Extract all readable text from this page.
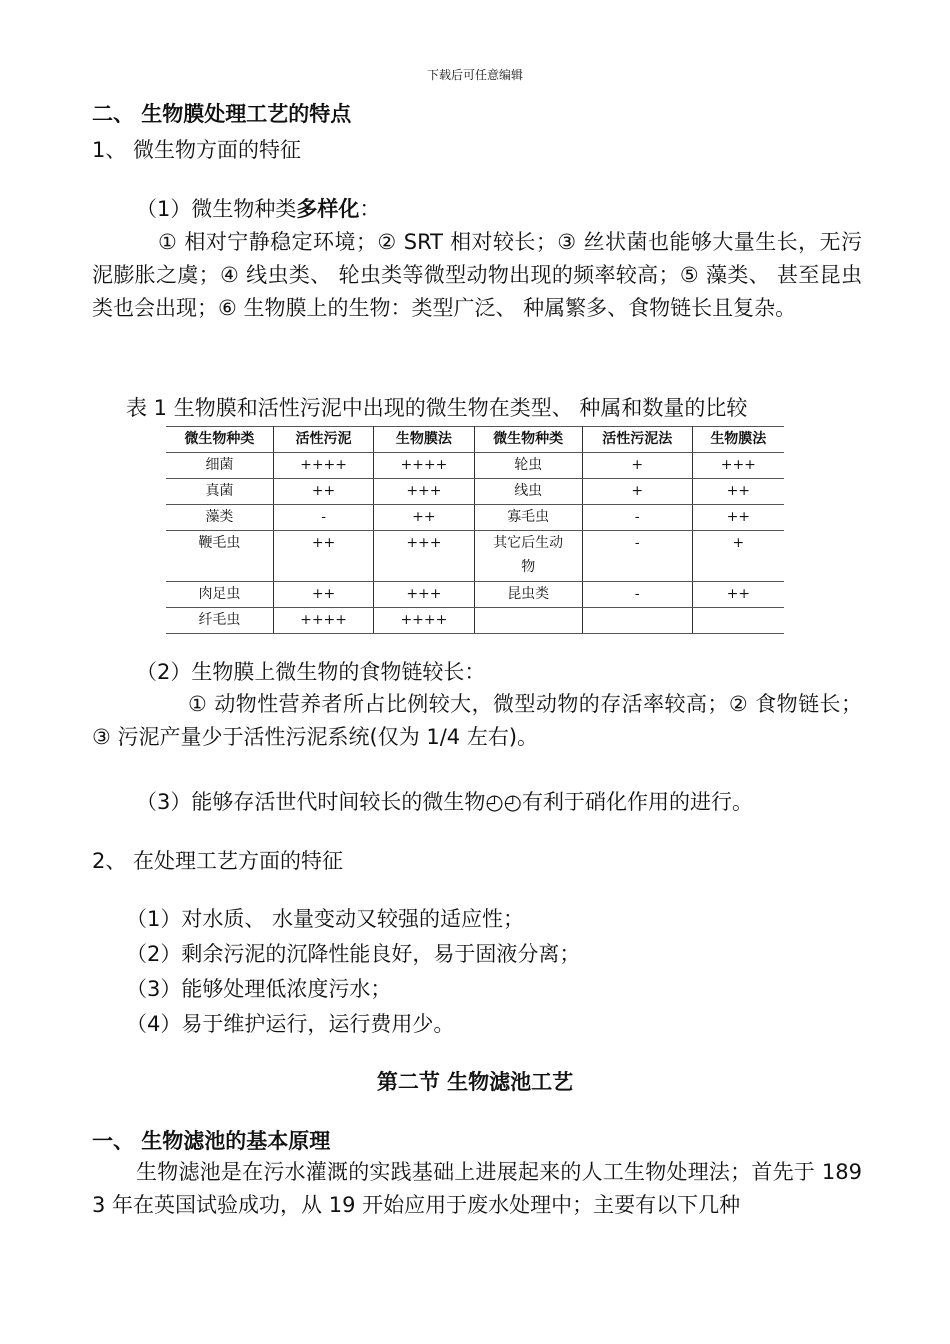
下载后可任意编辑
二、 生物膜处理工艺的特点
1、 微生物方面的特征
（1）微生物种类多样化：
① 相对宁静稳定环境；② SRT 相对较长；③ 丝状菌也能够大量生长，无污泥膨胀之虞；④ 线虫类、 轮虫类等微型动物出现的频率较高；⑤ 藻类、 甚至昆虫类也会出现；⑥ 生物膜上的生物：类型广泛、 种属繁多、食物链长且复杂。
表 1 生物膜和活性污泥中出现的微生物在类型、 种属和数量的比较
微生物种类	活性污泥	生物膜法	微生物种类	活性污泥法	生物膜法
细菌	++++	++++	轮虫	+	+++
真菌	++	+++	线虫	+	++
藻类	-	++	寡毛虫	-	++
鞭毛虫	++	+++	其它后生动物	-	+
肉足虫	++	+++	昆虫类	-	++
纤毛虫	++++	++++			
（2）生物膜上微生物的食物链较长：
① 动物性营养者所占比例较大，微型动物的存活率较高；② 食物链长；③ 污泥产量少于活性污泥系统(仅为 1/4 左右)。
（3）能够存活世代时间较长的微生物◴◴有利于硝化作用的进行。
2、 在处理工艺方面的特征
（1）对水质、 水量变动又较强的适应性；
（2）剩余污泥的沉降性能良好，易于固液分离；
（3）能够处理低浓度污水；
（4）易于维护运行，运行费用少。
第二节 生物滤池工艺
一、 生物滤池的基本原理
生物滤池是在污水灌溉的实践基础上进展起来的人工生物处理法；首先于 1893 年在英国试验成功，从 19 开始应用于废水处理中；主要有以下几种
